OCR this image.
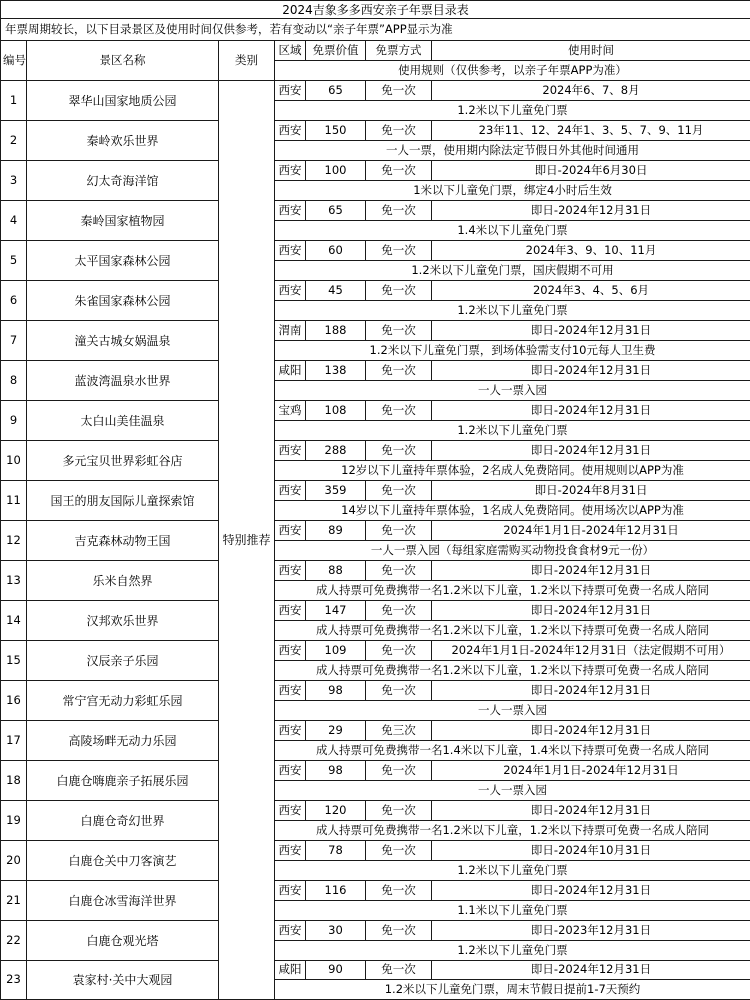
2024吉象多多西安亲子年票目录表						
年票周期较长，以下目录景区及使用时间仅供参考，若有变动以“亲子年票”APP显示为准						
编号	景区名称	类别	区域	免票价值	免票方式	使用时间
			使用规则（仅供参考，以亲子年票APP为准）			
1	翠华山国家地质公园	特别推荐	西安	65	免一次	2024年6、7、8月
			1.2米以下儿童免门票			
2	秦岭欢乐世界		西安	150	免一次	23年11、12、24年1、3、5、7、9、11月
			一人一票，使用期内除法定节假日外其他时间通用			
3	幻太奇海洋馆		西安	100	免一次	即日-2024年6月30日
			1米以下儿童免门票，绑定4小时后生效			
4	秦岭国家植物园		西安	65	免一次	即日-2024年12月31日
			1.4米以下儿童免门票			
5	太平国家森林公园		西安	60	免一次	2024年3、9、10、11月
			1.2米以下儿童免门票，国庆假期不可用			
6	朱雀国家森林公园		西安	45	免一次	2024年3、4、5、6月
			1.2米以下儿童免门票			
7	潼关古城女娲温泉		渭南	188	免一次	即日-2024年12月31日
			1.2米以下儿童免门票，到场体验需支付10元每人卫生费			
8	蓝波湾温泉水世界		咸阳	138	免一次	即日-2024年12月31日
			一人一票入园			
9	太白山美佳温泉		宝鸡	108	免一次	即日-2024年12月31日
			1.2米以下儿童免门票			
10	多元宝贝世界彩虹谷店		西安	288	免一次	即日-2024年12月31日
			12岁以下儿童持年票体验，2名成人免费陪同。使用规则以APP为准			
11	国王的朋友国际儿童探索馆		西安	359	免一次	即日-2024年8月31日
			14岁以下儿童持年票体验，1名成人免费陪同。使用场次以APP为准			
12	吉克森林动物王国		西安	89	免一次	2024年1月1日-2024年12月31日
			一人一票入园（每组家庭需购买动物投食食材9元一份）			
13	乐米自然界		西安	88	免一次	即日-2024年12月31日
			成人持票可免费携带一名1.2米以下儿童，1.2米以下持票可免费一名成人陪同			
14	汉邦欢乐世界		西安	147	免一次	即日-2024年12月31日
			成人持票可免费携带一名1.2米以下儿童，1.2米以下持票可免费一名成人陪同			
15	汉辰亲子乐园		西安	109	免一次	2024年1月1日-2024年12月31日（法定假期不可用）
			成人持票可免费携带一名1.2米以下儿童，1.2米以下持票可免费一名成人陪同			
16	常宁宫无动力彩虹乐园		西安	98	免一次	即日-2024年12月31日
			一人一票入园			
17	高陵场畔无动力乐园		西安	29	免三次	即日-2024年12月31日
			成人持票可免费携带一名1.4米以下儿童，1.4米以下持票可免费一名成人陪同			
18	白鹿仓嗨鹿亲子拓展乐园		西安	98	免一次	2024年1月1日-2024年12月31日
			一人一票入园			
19	白鹿仓奇幻世界		西安	120	免一次	即日-2024年12月31日
			成人持票可免费携带一名1.2米以下儿童，1.2米以下持票可免费一名成人陪同			
20	白鹿仓关中刀客演艺		西安	78	免一次	即日-2024年10月31日
			1.2米以下儿童免门票			
21	白鹿仓冰雪海洋世界		西安	116	免一次	即日-2024年12月31日
			1.1米以下儿童免门票			
22	白鹿仓观光塔		西安	30	免一次	即日-2023年12月31日
			1.2米以下儿童免门票			
23	袁家村·关中大观园		咸阳	90	免一次	即日-2024年12月31日
			1.2米以下儿童免门票，周末节假日提前1-7天预约			
